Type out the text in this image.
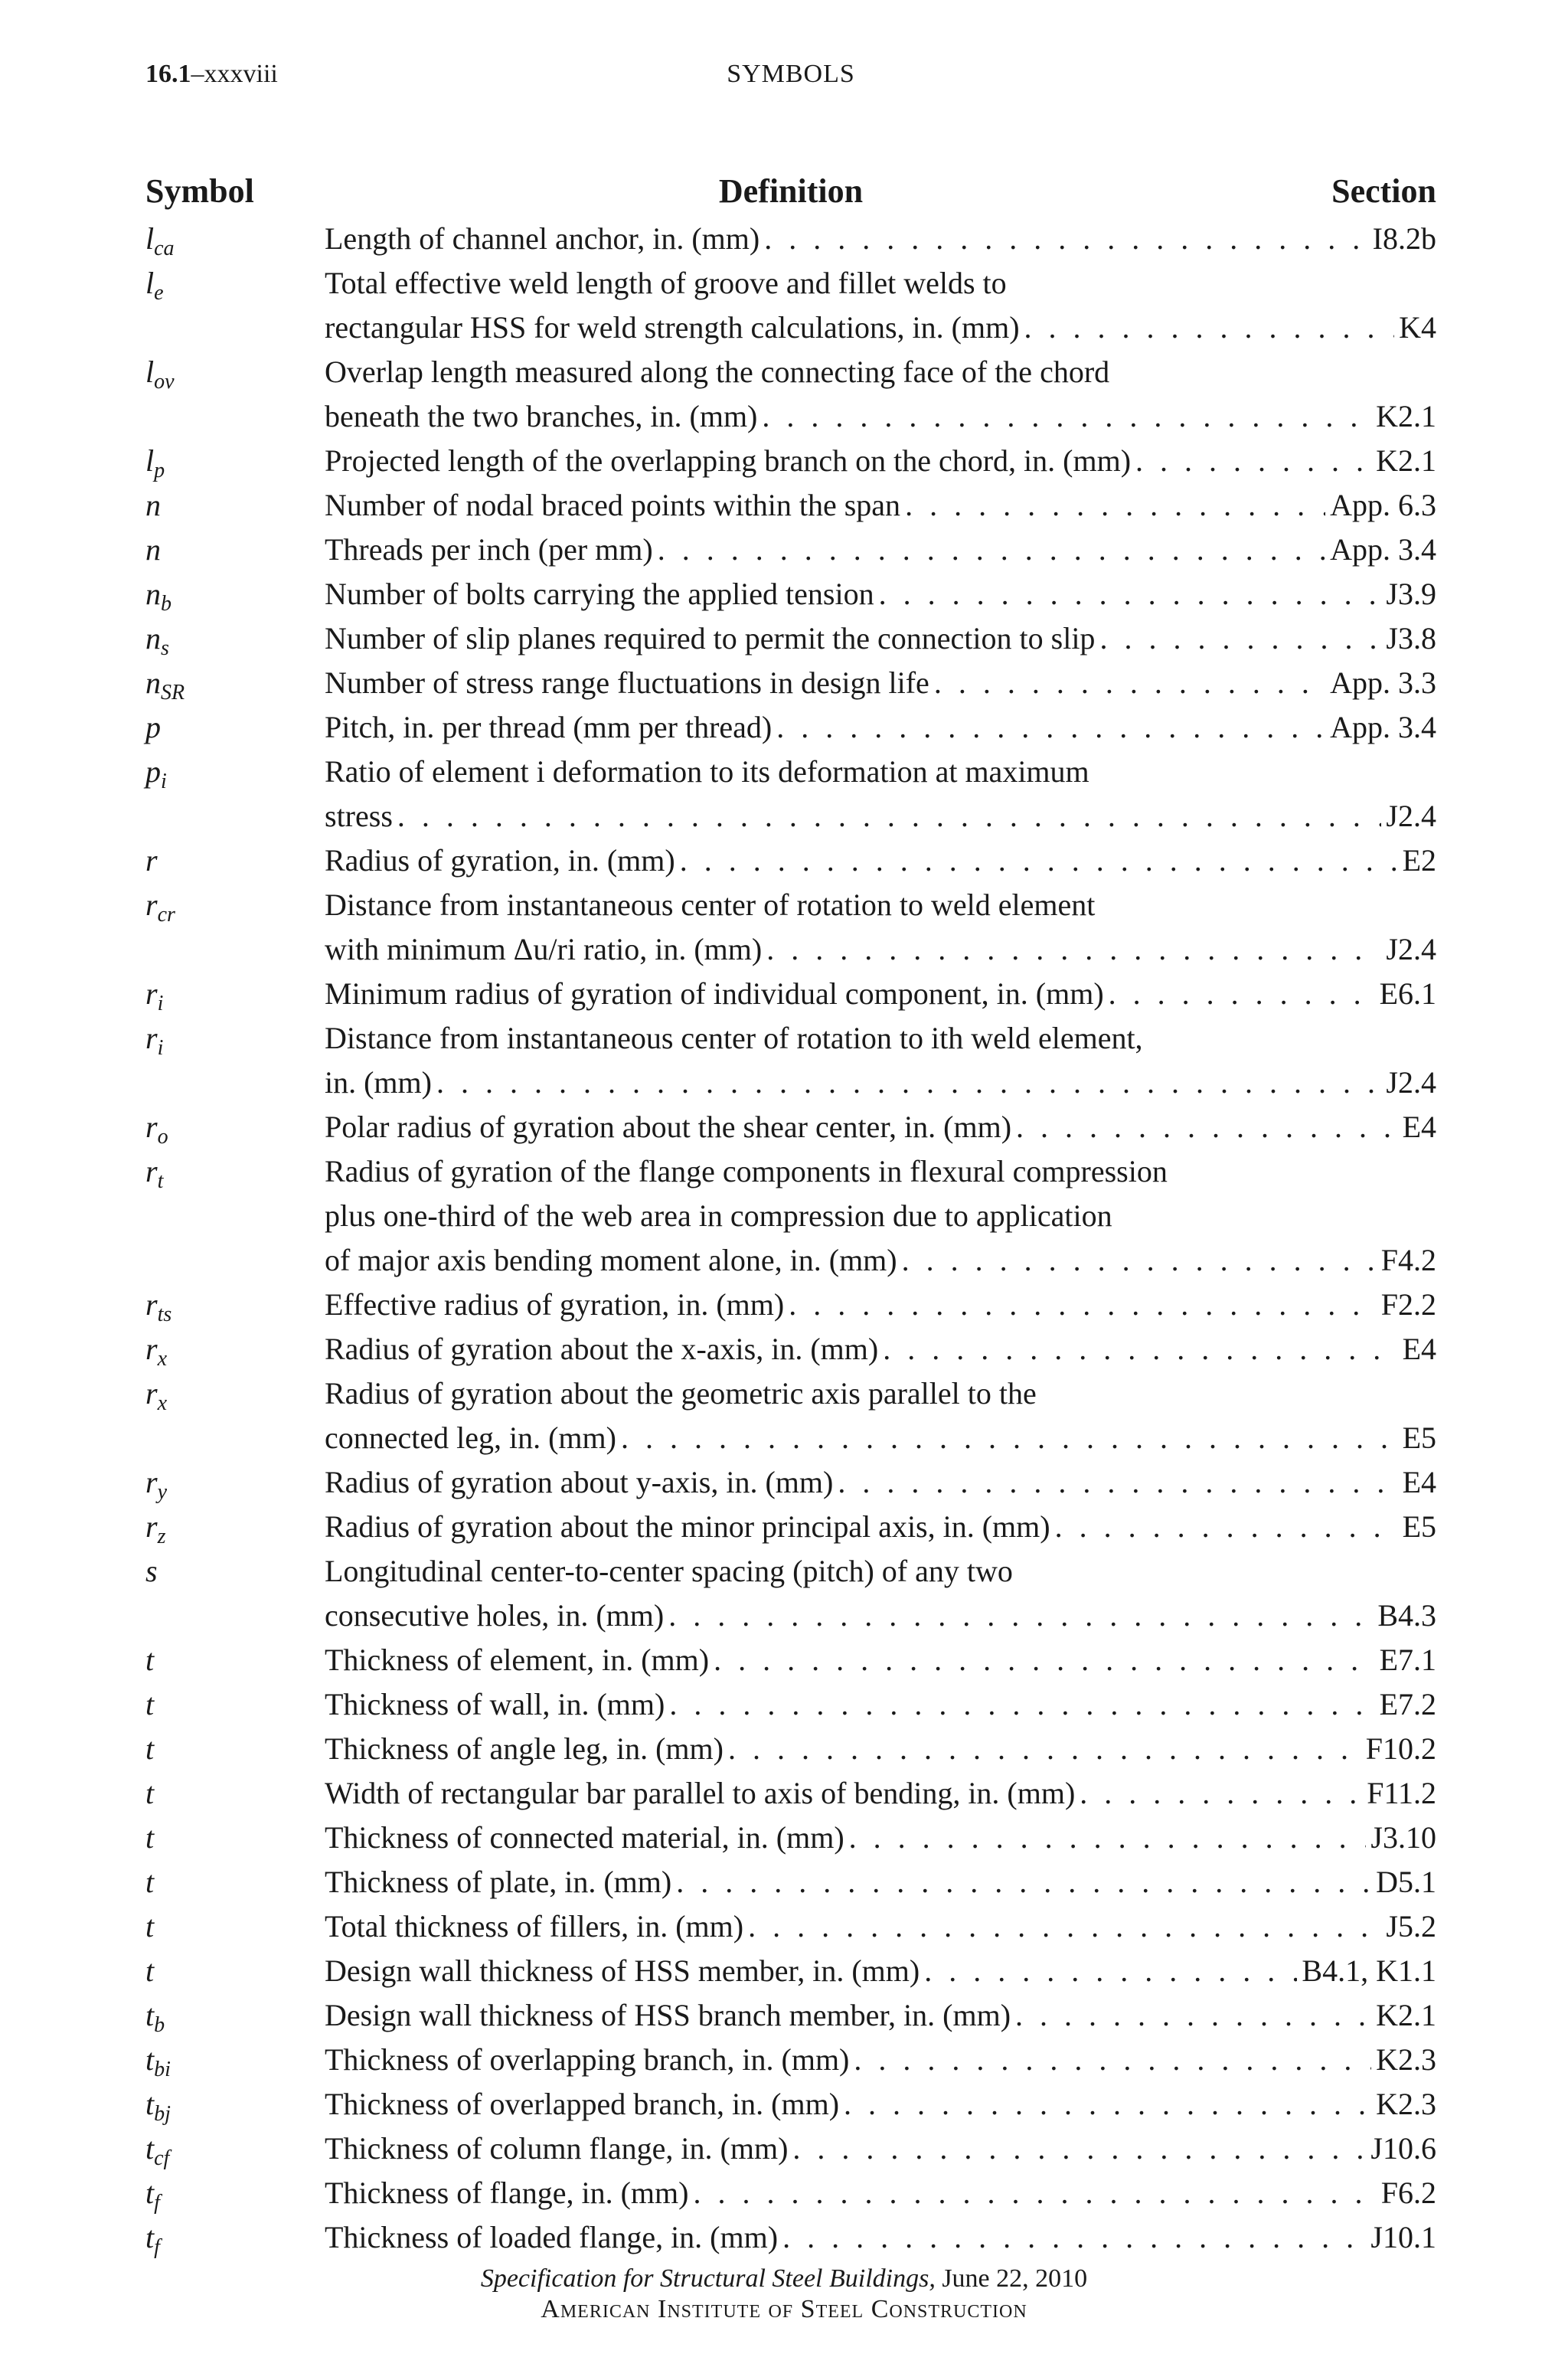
16.1–xxxviii	SYMBOLS
Symbol	Definition	Section
$l_{ca}$	Length of channel anchor, in. (mm) . . .	I8.2b
$l_e$	Total effective weld length of groove and fillet welds to
rectangular HSS for weld strength calculations, in. (mm) . . .	K4
$l_{ov}$	Overlap length measured along the connecting face of the chord
beneath the two branches, in. (mm) . . .	K2.1
$l_p$	Projected length of the overlapping branch on the chord, in. (mm) . . .	K2.1
n	Number of nodal braced points within the span . . .	App. 6.3
n	Threads per inch (per mm) . . .	App. 3.4
$n_b$	Number of bolts carrying the applied tension . . .	J3.9
$n_s$	Number of slip planes required to permit the connection to slip . . .	J3.8
$n_{SR}$	Number of stress range fluctuations in design life . . .	App. 3.3
p	Pitch, in. per thread (mm per thread) . . .	App. 3.4
$p_i$	Ratio of element i deformation to its deformation at maximum
stress . . .	J2.4
r	Radius of gyration, in. (mm) . . .	E2
$r_{cr}$	Distance from instantaneous center of rotation to weld element
with minimum Δu/ri ratio, in. (mm) . . .	J2.4
$r_i$	Minimum radius of gyration of individual component, in. (mm) . . .	E6.1
$r_i$	Distance from instantaneous center of rotation to ith weld element,
in. (mm) . . .	J2.4
$r_o$	Polar radius of gyration about the shear center, in. (mm) . . .	E4
$r_t$	Radius of gyration of the flange components in flexural compression
plus one-third of the web area in compression due to application
of major axis bending moment alone, in. (mm) . . .	F4.2
$r_{ts}$	Effective radius of gyration, in. (mm) . . .	F2.2
$r_x$	Radius of gyration about the x-axis, in. (mm) . . .	E4
$r_x$	Radius of gyration about the geometric axis parallel to the
connected leg, in. (mm) . . .	E5
$r_y$	Radius of gyration about y-axis, in. (mm) . . .	E4
$r_z$	Radius of gyration about the minor principal axis, in. (mm) . . .	E5
s	Longitudinal center-to-center spacing (pitch) of any two
consecutive holes, in. (mm) . . .	B4.3
t	Thickness of element, in. (mm) . . .	E7.1
t	Thickness of wall, in. (mm) . . .	E7.2
t	Thickness of angle leg, in. (mm) . . .	F10.2
t	Width of rectangular bar parallel to axis of bending, in. (mm) . . .	F11.2
t	Thickness of connected material, in. (mm) . . .	J3.10
t	Thickness of plate, in. (mm) . . .	D5.1
t	Total thickness of fillers, in. (mm) . . .	J5.2
t	Design wall thickness of HSS member, in. (mm) . . .	B4.1, K1.1
$t_b$	Design wall thickness of HSS branch member, in. (mm) . . .	K2.1
$t_{bi}$	Thickness of overlapping branch, in. (mm) . . .	K2.3
$t_{bj}$	Thickness of overlapped branch, in. (mm) . . .	K2.3
$t_{cf}$	Thickness of column flange, in. (mm) . . .	J10.6
$t_f$	Thickness of flange, in. (mm) . . .	F6.2
$t_f$	Thickness of loaded flange, in. (mm) . . .	J10.1
Specification for Structural Steel Buildings, June 22, 2010
American Institute of Steel Construction
